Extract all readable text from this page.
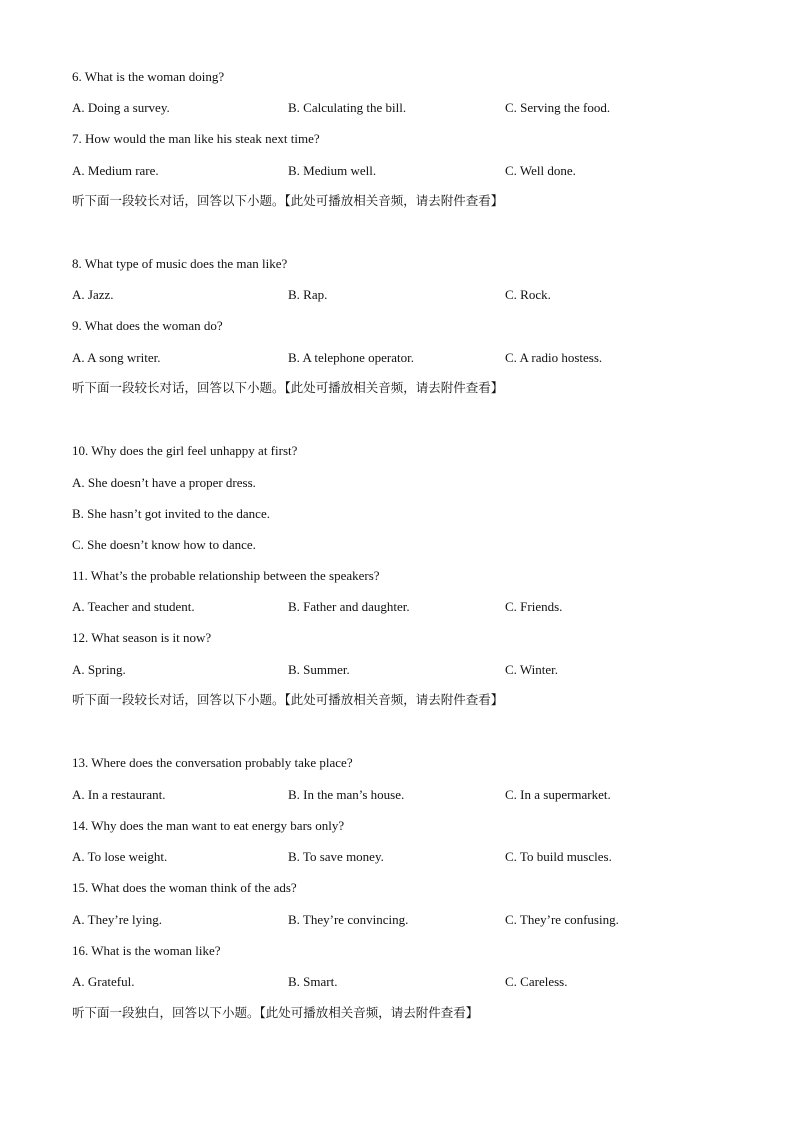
6. What is the woman doing?
A. Doing a survey.	B. Calculating the bill.	C. Serving the food.
7. How would the man like his steak next time?
A. Medium rare.	B. Medium well.	C. Well done.
听下面一段较长对话，回答以下小题。【此处可播放相关音频，请去附件查看】
8. What type of music does the man like?
A. Jazz.	B. Rap.	C. Rock.
9. What does the woman do?
A. A song writer.	B. A telephone operator.	C. A radio hostess.
听下面一段较长对话，回答以下小题。【此处可播放相关音频，请去附件查看】
10. Why does the girl feel unhappy at first?
A. She doesn’t have a proper dress.
B. She hasn’t got invited to the dance.
C. She doesn’t know how to dance.
11. What’s the probable relationship between the speakers?
A. Teacher and student.	B. Father and daughter.	C. Friends.
12. What season is it now?
A. Spring.	B. Summer.	C. Winter.
听下面一段较长对话，回答以下小题。【此处可播放相关音频，请去附件查看】
13. Where does the conversation probably take place?
A. In a restaurant.	B. In the man’s house.	C. In a supermarket.
14. Why does the man want to eat energy bars only?
A. To lose weight.	B. To save money.	C. To build muscles.
15. What does the woman think of the ads?
A. They’re lying.	B. They’re convincing.	C. They’re confusing.
16. What is the woman like?
A. Grateful.	B. Smart.	C. Careless.
听下面一段独白，回答以下小题。【此处可播放相关音频，请去附件查看】
